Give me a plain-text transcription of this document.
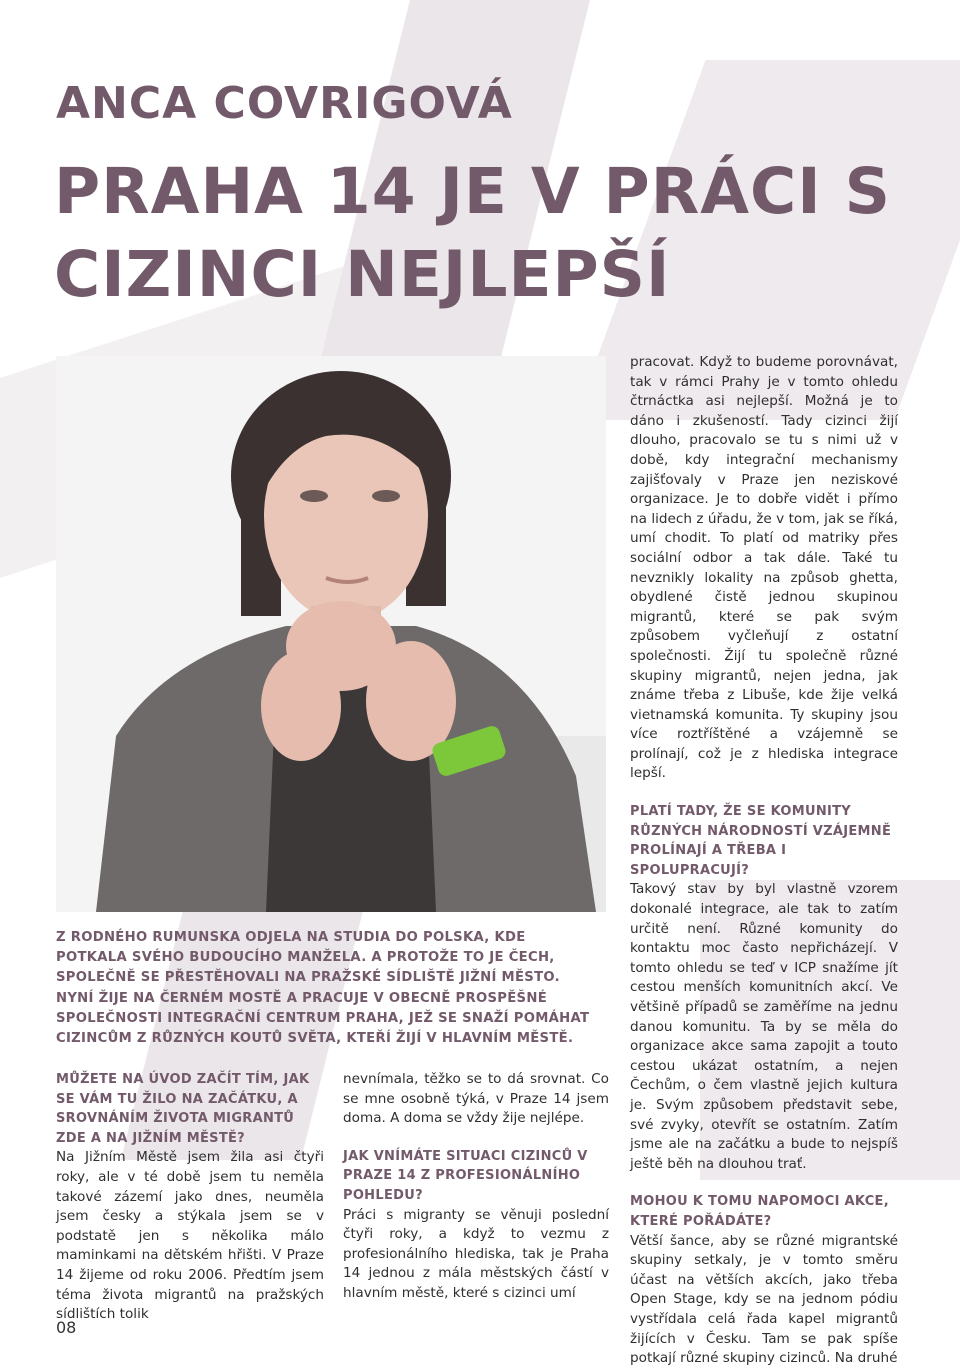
ANCA COVRIGOVÁ
PRAHA 14 JE V PRÁCI S CIZINCI NEJLEPŠÍ

Z RODNÉHO RUMUNSKA ODJELA NA STUDIA DO POLSKA, KDE POTKALA SVÉHO BUDOUCÍHO MANŽELA. A PROTOŽE TO JE ČECH, SPOLEČNĚ SE PŘESTĚHOVALI NA PRAŽSKÉ SÍDLIŠTĚ JIŽNÍ MĚSTO. NYNÍ ŽIJE NA ČERNÉM MOSTĚ A PRACUJE V OBECNĚ PROSPĚŠNÉ SPOLEČNOSTI INTEGRAČNÍ CENTRUM PRAHA, JEŽ SE SNAŽÍ POMÁHAT CIZINCŮM Z RŮZNÝCH KOUTŮ SVĚTA, KTEŘÍ ŽIJÍ V HLAVNÍM MĚSTĚ.

MŮŽETE NA ÚVOD ZAČÍT TÍM, JAK SE VÁM TU ŽILO NA ZAČÁTKU, A SROVNÁNÍM ŽIVOTA MIGRANTŮ ZDE A NA JIŽNÍM MĚSTĚ?

Na Jižním Městě jsem žila asi čtyři roky, ale v té době jsem tu neměla takové zázemí jako dnes, neuměla jsem česky a stýkala jsem se v podstatě jen s několika málo maminkami na dětském hřišti. V Praze 14 žijeme od roku 2006. Předtím jsem téma života migrantů na pražských sídlištích tolik

nevnímala, těžko se to dá srovnat. Co se mne osobně týká, v Praze 14 jsem doma. A doma se vždy žije nejlépe.

JAK VNÍMÁTE SITUACI CIZINCŮ V PRAZE 14 Z PROFESIONÁLNÍHO POHLEDU?

Práci s migranty se věnuji poslední čtyři roky, a když to vezmu z profesionálního hlediska, tak je Praha 14 jednou z mála městských částí v hlavním městě, které s cizinci umí

pracovat. Když to budeme porovnávat, tak v rámci Prahy je v tomto ohledu čtrnáctka asi nejlepší. Možná je to dáno i zkušeností. Tady cizinci žijí dlouho, pracovalo se tu s nimi už v době, kdy integrační mechanismy zajišťovaly v Praze jen neziskové organizace. Je to dobře vidět i přímo na lidech z úřadu, že v tom, jak se říká, umí chodit. To platí od matriky přes sociální odbor a tak dále. Také tu nevznikly lokality na způsob ghetta, obydlené čistě jednou skupinou migrantů, které se pak svým způsobem vyčleňují z ostatní společnosti. Žijí tu společně různé skupiny migrantů, nejen jedna, jak známe třeba z Libuše, kde žije velká vietnamská komunita. Ty skupiny jsou více roztříštěné a vzájemně se prolínají, což je z hlediska integrace lepší.

PLATÍ TADY, ŽE SE KOMUNITY RŮZNÝCH NÁRODNOSTÍ VZÁJEMNĚ PROLÍNAJÍ A TŘEBA I SPOLUPRACUJÍ?

Takový stav by byl vlastně vzorem dokonalé integrace, ale tak to zatím určitě není. Různé komunity do kontaktu moc často nepřicházejí. V tomto ohledu se teď v ICP snažíme jít cestou menších komunitních akcí. Ve většině případů se zaměříme na jednu danou komunitu. Ta by se měla do organizace akce sama zapojit a touto cestou ukázat ostatním, a nejen Čechům, o čem vlastně jejich kultura je. Svým způsobem představit sebe, své zvyky, otevřít se ostatním. Zatím jsme ale na začátku a bude to nejspíš ještě běh na dlouhou trať.

MOHOU K TOMU NAPOMOCI AKCE, KTERÉ POŘÁDÁTE?

Větší šance, aby se různé migrantské skupiny setkaly, je v tomto směru účast na větších akcích, jako třeba Open Stage, kdy se na jednom pódiu vystřídala celá řada kapel migrantů žijících v Česku. Tam se pak spíše potkají různé skupiny cizinců. Na druhé

08
